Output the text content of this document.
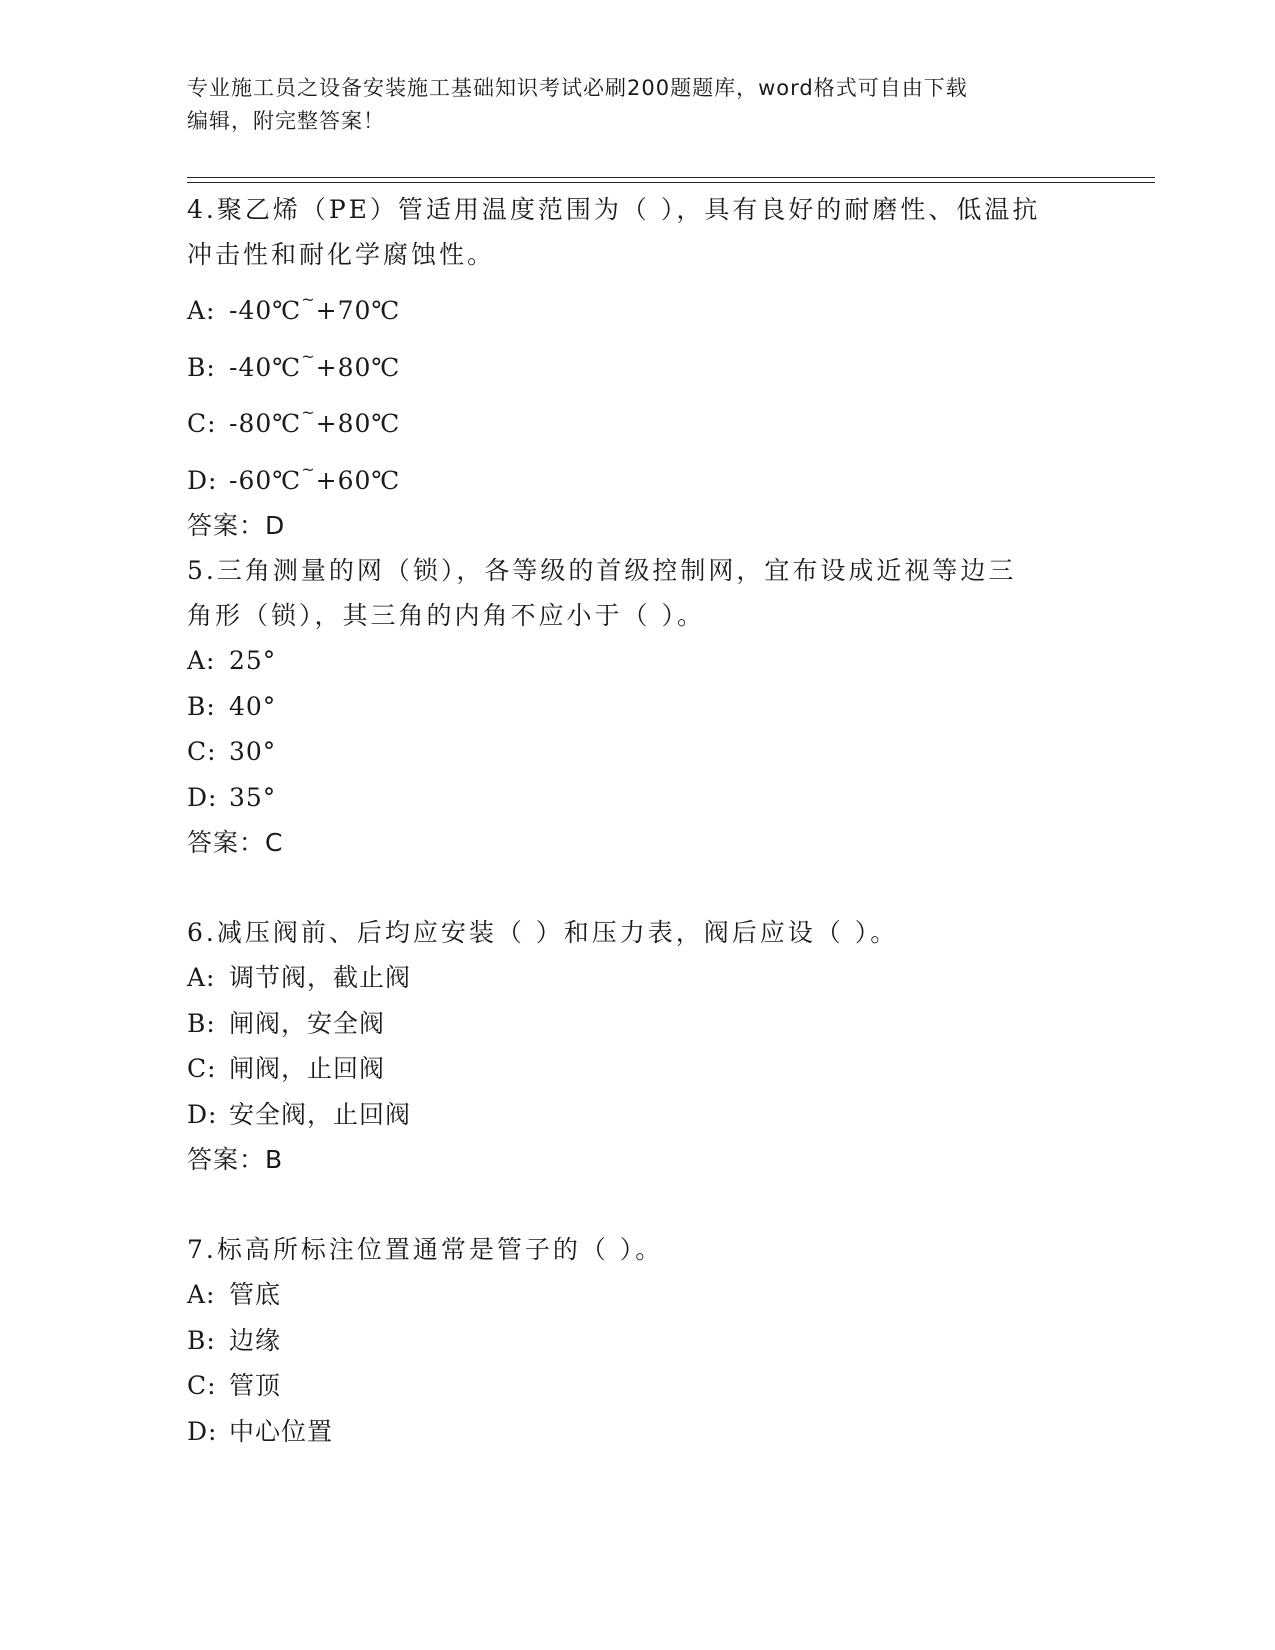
专业施工员之设备安装施工基础知识考试必刷200题题库，word格式可自由下载
编辑，附完整答案！
4.聚乙烯（PE）管适用温度范围为（ ），具有良好的耐磨性、低温抗
冲击性和耐化学腐蚀性。
A: -40℃~+70℃
B: -40℃~+80℃
C: -80℃~+80℃
D: -60℃~+60℃
答案：D
5.三角测量的网（锁），各等级的首级控制网，宜布设成近视等边三
角形（锁），其三角的内角不应小于（ ）。
A: 25°
B: 40°
C: 30°
D: 35°
答案：C
6.减压阀前、后均应安装（ ）和压力表，阀后应设（ ）。
A: 调节阀，截止阀
B: 闸阀，安全阀
C: 闸阀，止回阀
D: 安全阀，止回阀
答案：B
7.标高所标注位置通常是管子的（ ）。
A: 管底
B: 边缘
C: 管顶
D: 中心位置
